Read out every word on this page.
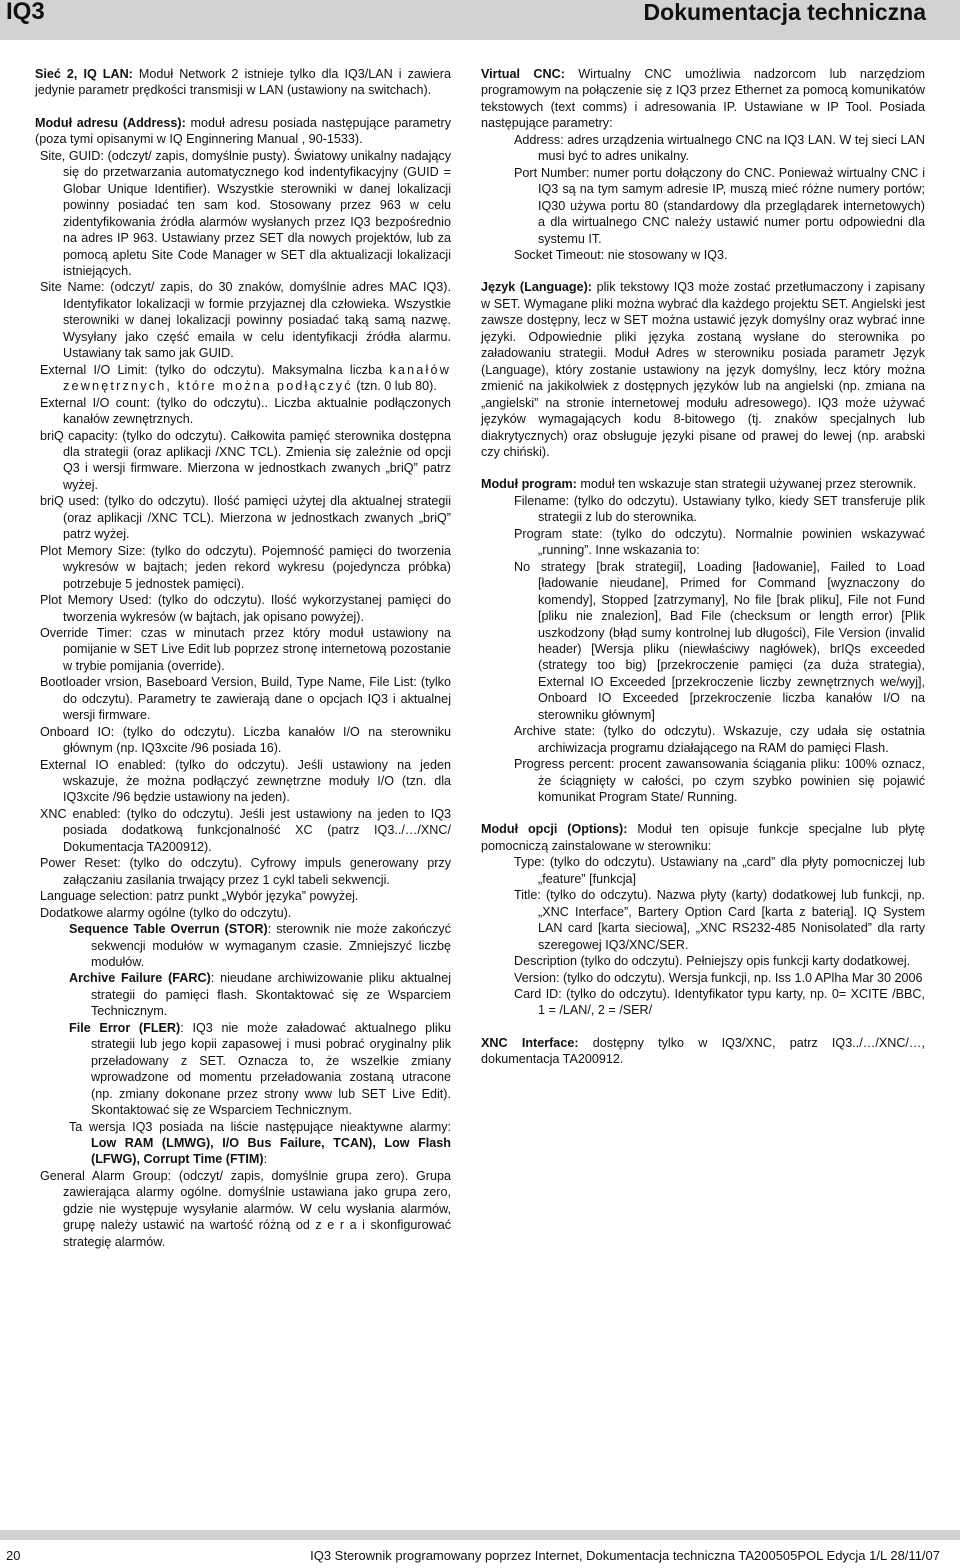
IQ3	Dokumentacja techniczna

Sieć 2, IQ LAN: Moduł Network 2 istnieje tylko dla IQ3/LAN i zawiera jedynie parametr prędkości transmisji w LAN (ustawiony na switchach).

Moduł adresu (Address): moduł adresu posiada następujące parametry (poza tymi opisanymi w IQ Enginnering Manual , 90-1533).

Site, GUID: (odczyt/ zapis, domyślnie pusty). Światowy unikalny nadający się do przetwarzania automatycznego kod indentyfikacyjny (GUID = Globar Unique Identifier). Wszystkie sterowniki w danej lokalizacji powinny posiadać ten sam kod. Stosowany przez 963 w celu zidentyfikowania źródła alarmów wysłanych przez IQ3 bezpośrednio na adres IP 963. Ustawiany przez SET dla nowych projektów, lub za pomocą apletu Site Code Manager w SET dla aktualizacji lokalizacji istniejących.

Site Name: (odczyt/ zapis, do 30 znaków, domyślnie adres MAC IQ3). Identyfikator lokalizacji w formie przyjaznej dla człowieka. Wszystkie sterowniki w danej lokalizacji powinny posiadać taką samą nazwę. Wysyłany jako część emaila w celu identyfikacji źródła alarmu. Ustawiany tak samo jak GUID.

External I/O Limit: (tylko do odczytu). Maksymalna liczba kanałów zewnętrznych, które można podłączyć (tzn. 0 lub 80).

External I/O count: (tylko do odczytu).. Liczba aktualnie podłączonych kanałów zewnętrznych.

briQ capacity: (tylko do odczytu). Całkowita pamięć sterownika dostępna dla strategii (oraz aplikacji /XNC TCL). Zmienia się zależnie od opcji Q3 i wersji firmware. Mierzona w jednostkach zwanych „briQ” patrz wyżej.

briQ used: (tylko do odczytu). Ilość pamięci użytej dla aktualnej strategii (oraz aplikacji /XNC TCL). Mierzona w jednostkach zwanych „briQ” patrz wyżej.

Plot Memory Size: (tylko do odczytu). Pojemność pamięci do tworzenia wykresów w bajtach; jeden rekord wykresu (pojedyncza próbka) potrzebuje 5 jednostek pamięci).

Plot Memory Used: (tylko do odczytu). Ilość wykorzystanej pamięci do tworzenia wykresów (w bajtach, jak opisano powyżej).

Override Timer: czas w minutach przez który moduł ustawiony na pomijanie w SET Live Edit lub poprzez stronę internetową pozostanie w trybie pomijania (override).

Bootloader vrsion, Baseboard Version, Build, Type Name, File List: (tylko do odczytu). Parametry te zawierają dane o opcjach IQ3 i aktualnej wersji firmware.

Onboard IO: (tylko do odczytu). Liczba kanałów I/O na sterowniku głównym (np. IQ3xcite /96 posiada 16).

External IO enabled: (tylko do odczytu). Jeśli ustawiony na jeden wskazuje, że można podłączyć zewnętrzne moduły I/O (tzn. dla IQ3xcite /96 będzie ustawiony na jeden).

XNC enabled: (tylko do odczytu). Jeśli jest ustawiony na jeden to IQ3 posiada dodatkową funkcjonalność XC (patrz IQ3../…/XNC/ Dokumentacja TA200912).

Power Reset: (tylko do odczytu). Cyfrowy impuls generowany przy załączaniu zasilania trwający przez 1 cykl tabeli sekwencji.

Language selection: patrz punkt „Wybór języka” powyżej.

Dodatkowe alarmy ogólne (tylko do odczytu).

Sequence Table Overrun (STOR): sterownik nie może zakończyć sekwencji modułów w wymaganym czasie. Zmniejszyć liczbę modułów.

Archive Failure (FARC): nieudane archiwizowanie pliku aktualnej strategii do pamięci flash. Skontaktować się ze Wsparciem Technicznym.

File Error (FLER): IQ3 nie może załadować aktualnego pliku strategii lub jego kopii zapasowej i musi pobrać oryginalny plik przeładowany z SET. Oznacza to, że wszelkie zmiany wprowadzone od momentu przeładowania zostaną utracone (np. zmiany dokonane przez strony www lub SET Live Edit). Skontaktować się ze Wsparciem Technicznym.

Ta wersja IQ3 posiada na liście następujące nieaktywne alarmy: Low RAM (LMWG), I/O Bus Failure, TCAN), Low Flash (LFWG), Corrupt Time (FTIM):

General Alarm Group: (odczyt/ zapis, domyślnie grupa zero). Grupa zawierająca alarmy ogólne. domyślnie ustawiana jako grupa zero, gdzie nie występuje wysyłanie alarmów. W celu wysłania alarmów, grupę należy ustawić na wartość różną od z e r a i skonfigurować strategię alarmów.

Virtual CNC: Wirtualny CNC umożliwia nadzorcom lub narzędziom programowym na połączenie się z IQ3 przez Ethernet za pomocą komunikatów tekstowych (text comms) i adresowania IP. Ustawiane w IP Tool. Posiada następujące parametry:

Address: adres urządzenia wirtualnego CNC na IQ3 LAN. W tej sieci LAN musi być to adres unikalny.

Port Number: numer portu dołączony do CNC. Ponieważ wirtualny CNC i IQ3 są na tym samym adresie IP, muszą mieć różne numery portów; IQ30 używa portu 80 (standardowy dla przeglądarek internetowych) a dla wirtualnego CNC należy ustawić numer portu odpowiedni dla systemu IT.

Socket Timeout: nie stosowany w IQ3.

Język (Language): plik tekstowy IQ3 może zostać przetłumaczony i zapisany w SET. Wymagane pliki można wybrać dla każdego projektu SET. Angielski jest zawsze dostępny, lecz w SET można ustawić język domyślny oraz wybrać inne języki. Odpowiednie pliki języka zostaną wysłane do sterownika po załadowaniu strategii. Moduł Adres w sterowniku posiada parametr Język (Language), który zostanie ustawiony na język domyślny, lecz który można zmienić na jakikolwiek z dostępnych języków lub na angielski (np. zmiana na „angielski” na stronie internetowej modułu adresowego). IQ3 może używać języków wymagających kodu 8-bitowego (tj. znaków specjalnych lub diakrytycznych) oraz obsługuje języki pisane od prawej do lewej (np. arabski czy chiński).

Moduł program: moduł ten wskazuje stan strategii używanej przez sterownik.

Filename: (tylko do odczytu). Ustawiany tylko, kiedy SET transferuje plik strategii z lub do sterownika.

Program state: (tylko do odczytu). Normalnie powinien wskazywać „running”. Inne wskazania to:

No strategy [brak strategii], Loading [ładowanie], Failed to Load [ładowanie nieudane], Primed for Command [wyznaczony do komendy], Stopped [zatrzymany], No file [brak pliku], File not Fund [pliku nie znalezion], Bad File (checksum or length error) [Plik uszkodzony (błąd sumy kontrolnej lub długości), File Version (invalid header) [Wersja pliku (niewłaściwy nagłówek), brIQs exceeded (strategy too big) [przekroczenie pamięci (za duża strategia), External IO Exceeded [przekroczenie liczby zewnętrznych we/wyj], Onboard IO Exceeded [przekroczenie liczba kanałów I/O na sterowniku głównym]

Archive state: (tylko do odczytu). Wskazuje, czy udała się ostatnia archiwizacja programu działającego na RAM do pamięci Flash.

Progress percent: procent zawansowania ściągania pliku: 100% oznacz, że ściągnięty w całości, po czym szybko powinien się pojawić komunikat Program State/ Running.

Moduł opcji (Options): Moduł ten opisuje funkcje specjalne lub płytę pomocniczą zainstalowane w sterowniku:

Type: (tylko do odczytu). Ustawiany na „card” dla płyty pomocniczej lub „feature” [funkcja]

Title: (tylko do odczytu). Nazwa płyty (karty) dodatkowej lub funkcji, np. „XNC Interface”, Bartery Option Card [karta z baterią]. IQ System LAN card [karta sieciowa], „XNC RS232-485 Nonisolated” dla rarty szeregowej IQ3/XNC/SER.

Description (tylko do odczytu). Pełniejszy opis funkcji karty dodatkowej.

Version: (tylko do odczytu). Wersja funkcji, np. Iss 1.0 APlha Mar 30 2006

Card ID: (tylko do odczytu). Identyfikator typu karty, np. 0= XCITE /BBC, 1 = /LAN/, 2 = /SER/

XNC Interface: dostępny tylko w IQ3/XNC, patrz IQ3../…/XNC/…, dokumentacja TA200912.

20	IQ3 Sterownik programowany poprzez Internet, Dokumentacja techniczna TA200505POL Edycja 1/L 28/11/07
